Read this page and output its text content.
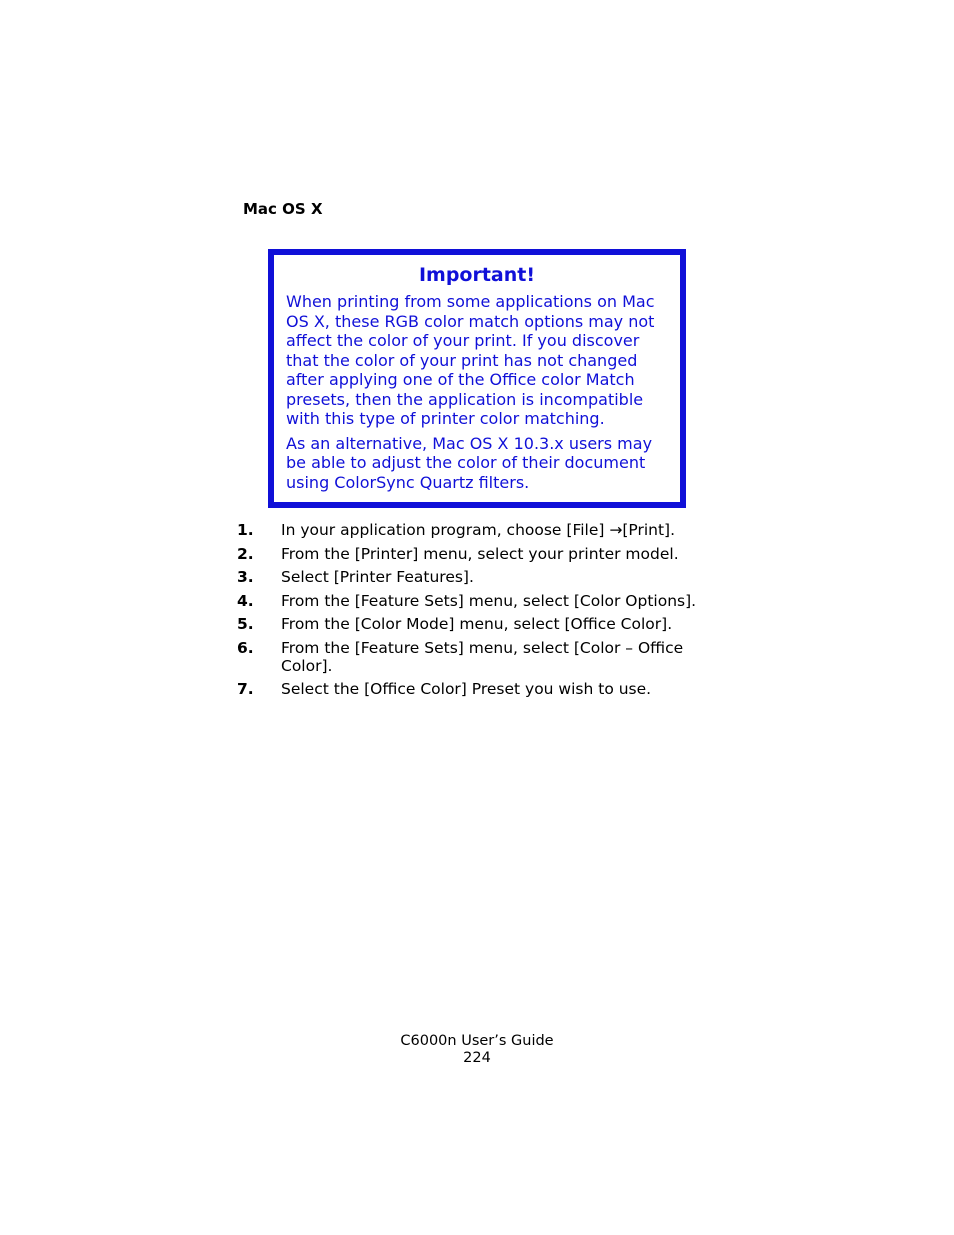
Mac OS X
Important!

When printing from some applications on Mac OS X, these RGB color match options may not affect the color of your print. If you discover that the color of your print has not changed after applying one of the Office color Match presets, then the application is incompatible with this type of printer color matching.

As an alternative, Mac OS X 10.3.x users may be able to adjust the color of their document using ColorSync Quartz filters.

1. In your application program, choose [File] →[Print].
2. From the [Printer] menu, select your printer model.
3. Select [Printer Features].
4. From the [Feature Sets] menu, select [Color Options].
5. From the [Color Mode] menu, select [Office Color].
6. From the [Feature Sets] menu, select [Color – Office Color].
7. Select the [Office Color] Preset you wish to use.
C6000n User’s Guide
224
